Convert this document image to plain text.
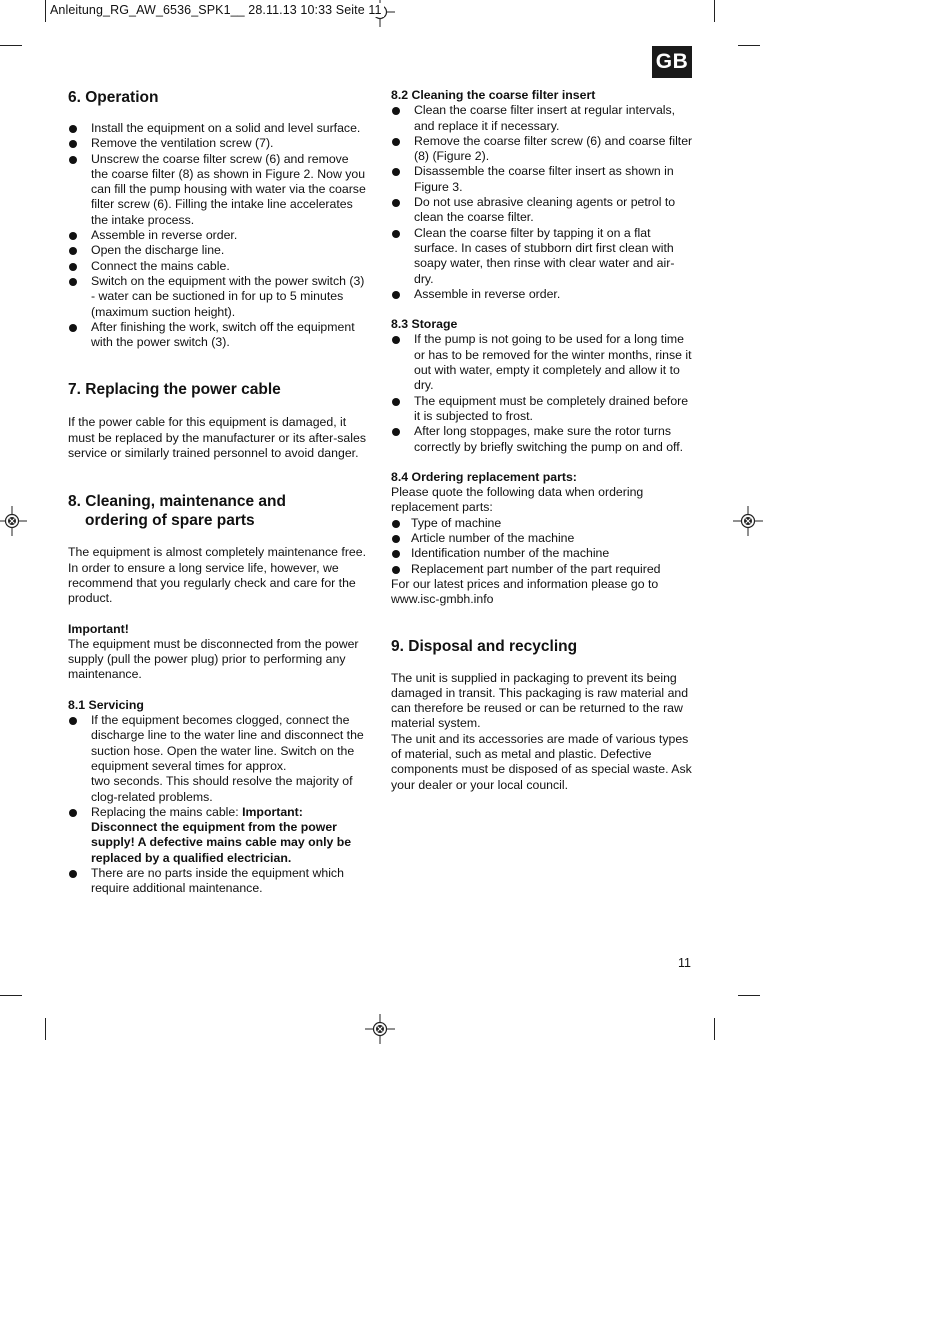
Anleitung_RG_AW_6536_SPK1__ 28.11.13 10:33 Seite 11
GB
6. Operation
Install the equipment on a solid and level surface.
Remove the ventilation screw (7).
Unscrew the coarse filter screw (6) and remove the coarse filter (8) as shown in Figure 2. Now you can fill the pump housing with water via the coarse filter screw (6). Filling the intake line accelerates the intake process.
Assemble in reverse order.
Open the discharge line.
Connect the mains cable.
Switch on the equipment with the power switch (3) - water can be suctioned in for up to 5 minutes (maximum suction height).
After finishing the work, switch off the equipment with the power switch (3).
7. Replacing the power cable

If the power cable for this equipment is damaged, it must be replaced by the manufacturer or its after-sales service or similarly trained personnel to avoid danger.

8. Cleaning, maintenance and
ordering of spare parts

The equipment is almost completely maintenance free. In order to ensure a long service life, however, we recommend that you regularly check and care for the product.

Important!

The equipment must be disconnected from the power supply (pull the power plug) prior to performing any maintenance.

8.1 Servicing

If the equipment becomes clogged, connect the discharge line to the water line and disconnect the suction hose. Open the water line. Switch on the equipment several times for approx.
two seconds. This should resolve the majority of clog-related problems.
Replacing the mains cable: Important: Disconnect the equipment from the power supply! A defective mains cable may only be replaced by a qualified electrician.
There are no parts inside the equipment which require additional maintenance.

8.2 Cleaning the coarse filter insert

Clean the coarse filter insert at regular intervals, and replace it if necessary.
Remove the coarse filter screw (6) and coarse filter (8) (Figure 2).
Disassemble the coarse filter insert as shown in Figure 3.
Do not use abrasive cleaning agents or petrol to clean the coarse filter.
Clean the coarse filter by tapping it on a flat surface. In cases of stubborn dirt first clean with soapy water, then rinse with clear water and air-dry.
Assemble in reverse order.

8.3 Storage

If the pump is not going to be used for a long time or has to be removed for the winter months, rinse it out with water, empty it completely and allow it to dry.
The equipment must be completely drained before it is subjected to frost.
After long stoppages, make sure the rotor turns correctly by briefly switching the pump on and off.

8.4 Ordering replacement parts:

Please quote the following data when ordering replacement parts:

Type of machine
Article number of the machine
Identification number of the machine
Replacement part number of the part required

For our latest prices and information please go to www.isc-gmbh.info

9. Disposal and recycling

The unit is supplied in packaging to prevent its being damaged in transit. This packaging is raw material and can therefore be reused or can be returned to the raw material system.

The unit and its accessories are made of various types of material, such as metal and plastic. Defective components must be disposed of as special waste. Ask your dealer or your local council.

11
